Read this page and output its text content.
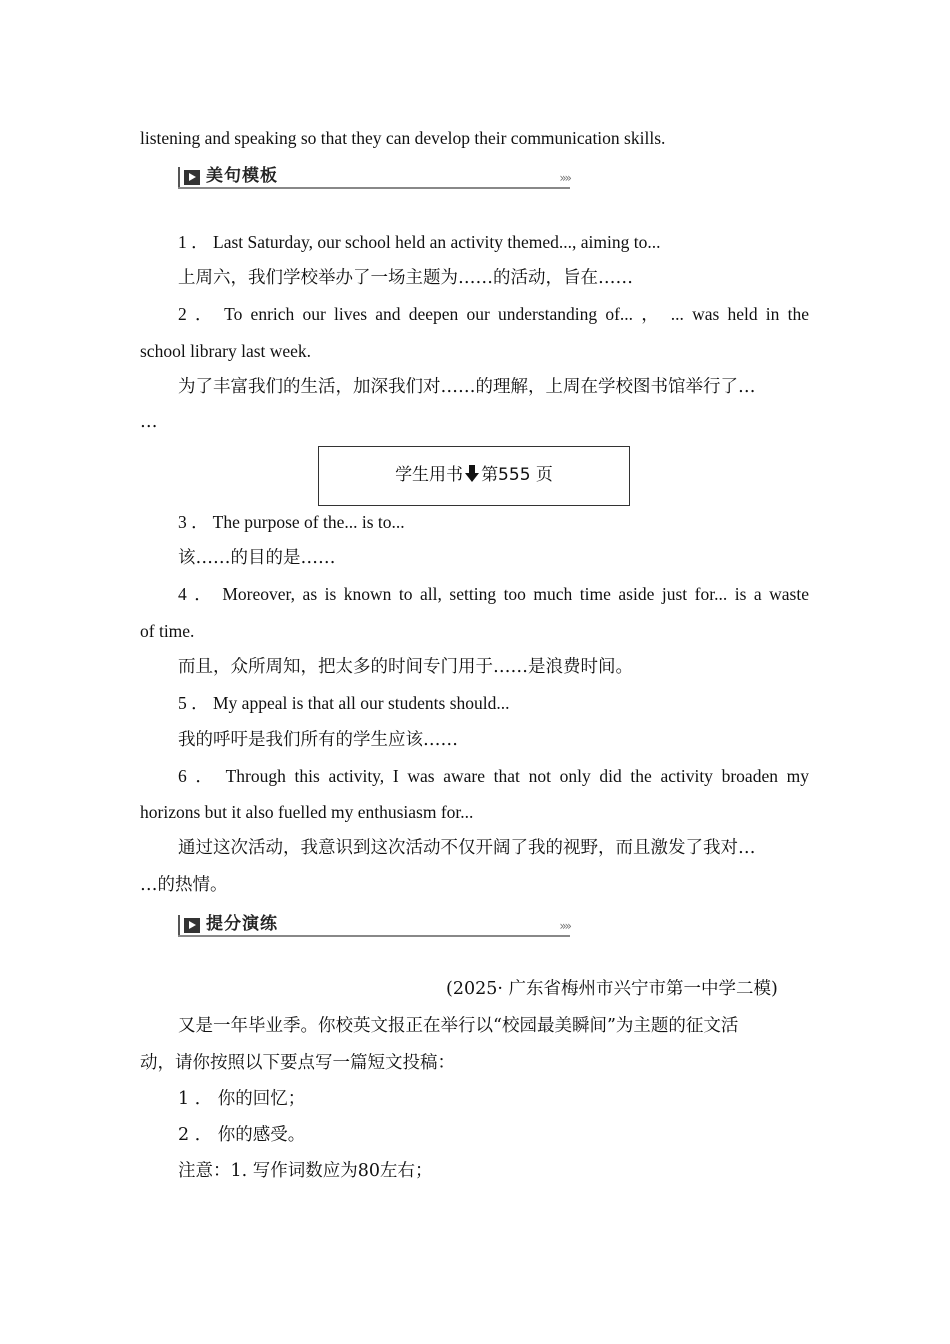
listening and speaking so that they can develop their communication skills.
美句模板	»»
1 ． Last Saturday, our school held an activity themed..., aiming to...
上周六，我们学校举办了一场主题为……的活动，旨在……
2 ． To enrich our lives and deepen our understanding of... ， ... was held in the
school library last week.
为了丰富我们的生活，加深我们对……的理解，上周在学校图书馆举行了…
…
学生用书 第555 页
3 ． The purpose of the... is to...
该……的目的是……
4 ． Moreover, as is known to all, setting too much time aside just for... is a waste
of time.
而且，众所周知，把太多的时间专门用于……是浪费时间。
5 ． My appeal is that all our students should...
我的呼吁是我们所有的学生应该……
6 ． Through this activity, I was aware that not only did the activity broaden my
horizons but it also fuelled my enthusiasm for...
通过这次活动，我意识到这次活动不仅开阔了我的视野，而且激发了我对…
…的热情。
提分演练	»»
(2025· 广东省梅州市兴宁市第一中学二模)
又是一年毕业季。你校英文报正在举行以“校园最美瞬间”为主题的征文活
动，请你按照以下要点写一篇短文投稿：
1 ． 你的回忆；
2 ． 你的感受。
注意：1. 写作词数应为80左右；
